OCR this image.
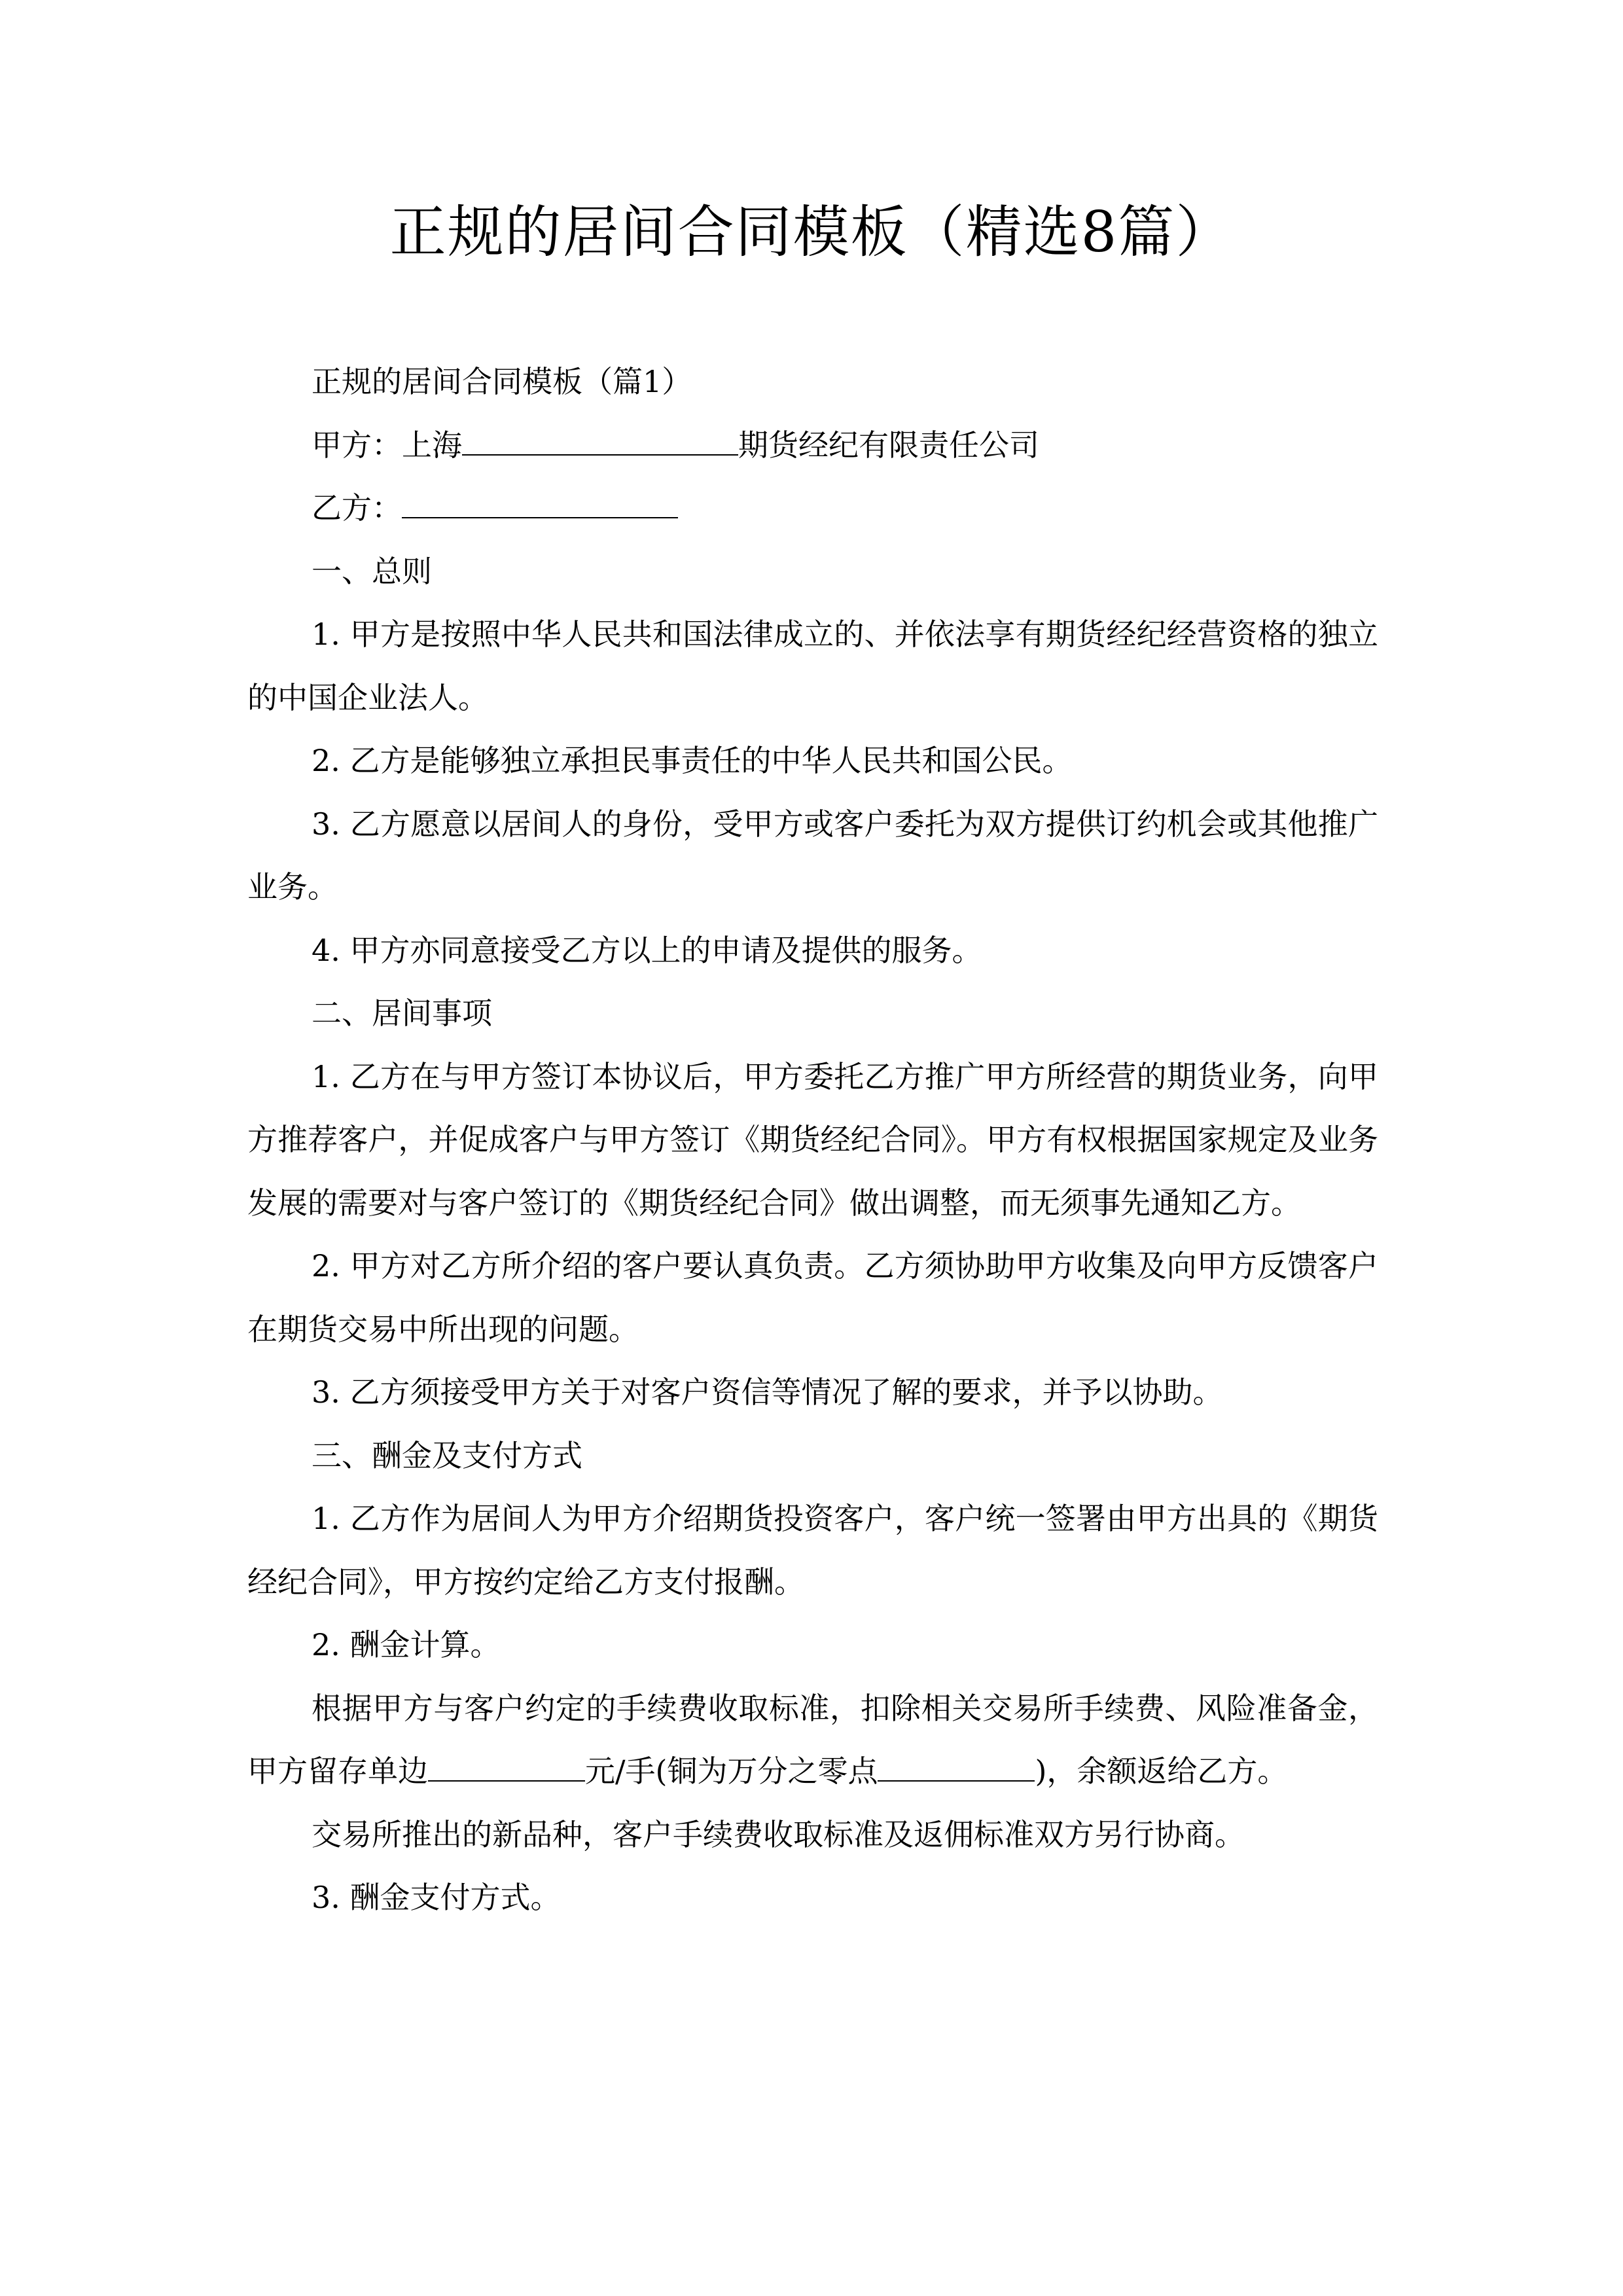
正规的居间合同模板（精选8篇）

正规的居间合同模板（篇1）

甲方：上海	期货经纪有限责任公司

乙方：

一、总则

1. 甲方是按照中华人民共和国法律成立的、并依法享有期货经纪经营资格的独立的中国企业法人。

2. 乙方是能够独立承担民事责任的中华人民共和国公民。

3. 乙方愿意以居间人的身份，受甲方或客户委托为双方提供订约机会或其他推广业务。

4. 甲方亦同意接受乙方以上的申请及提供的服务。

二、居间事项

1. 乙方在与甲方签订本协议后，甲方委托乙方推广甲方所经营的期货业务，向甲方推荐客户，并促成客户与甲方签订《期货经纪合同》。甲方有权根据国家规定及业务发展的需要对与客户签订的《期货经纪合同》做出调整，而无须事先通知乙方。

2. 甲方对乙方所介绍的客户要认真负责。乙方须协助甲方收集及向甲方反馈客户在期货交易中所出现的问题。

3. 乙方须接受甲方关于对客户资信等情况了解的要求，并予以协助。

三、酬金及支付方式

1. 乙方作为居间人为甲方介绍期货投资客户，客户统一签署由甲方出具的《期货经纪合同》，甲方按约定给乙方支付报酬。

2. 酬金计算。

根据甲方与客户约定的手续费收取标准，扣除相关交易所手续费、风险准备金，甲方留存单边	元/手(铜为万分之零点	)，余额返给乙方。

交易所推出的新品种，客户手续费收取标准及返佣标准双方另行协商。

3. 酬金支付方式。
